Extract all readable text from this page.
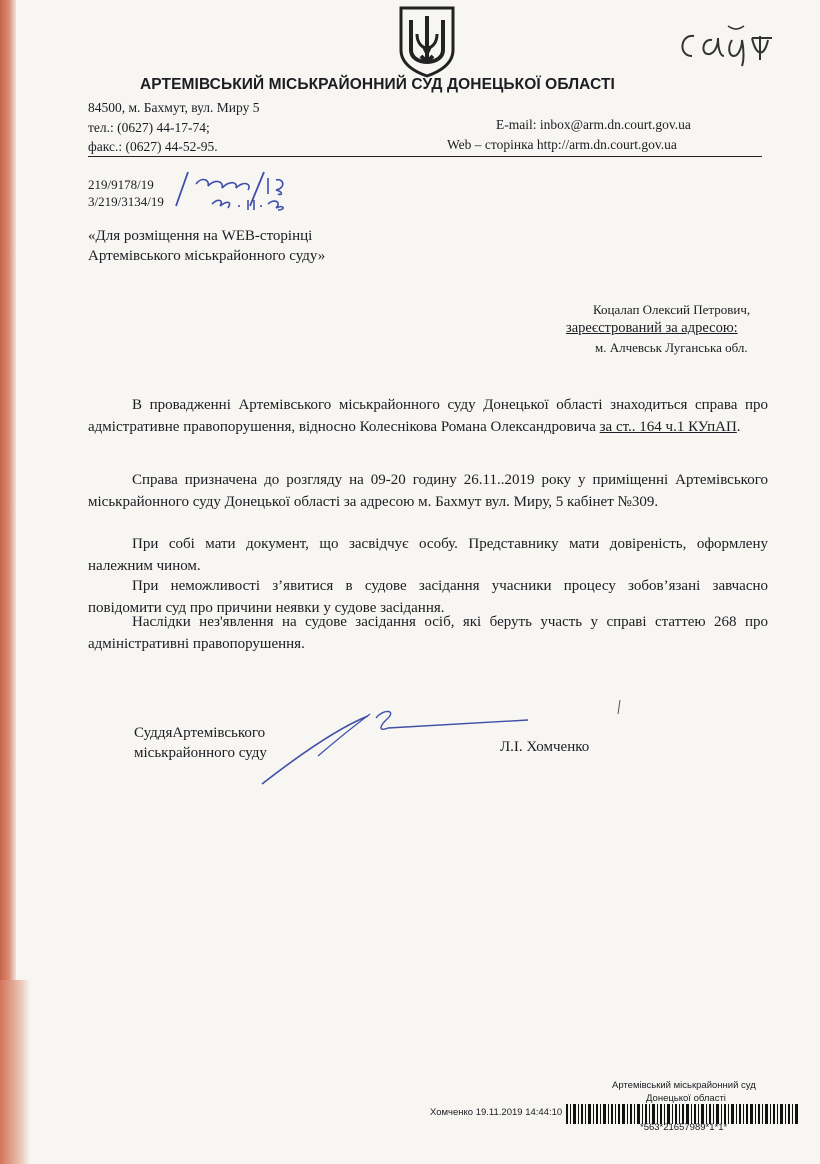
АРТЕМІВСЬКИЙ МІСЬКРАЙОННИЙ СУД ДОНЕЦЬКОЇ ОБЛАСТІ
84500, м. Бахмут, вул. Миру 5
тел.: (0627) 44-17-74;	E-mail: inbox@arm.dn.court.gov.ua
факс.: (0627) 44-52-95.	Web – сторінка http://arm.dn.court.gov.ua
219/9178/19
3/219/3134/19
«Для розміщення на WEB-сторінці
Артемівського міськрайонного суду»
Коцалап Олексий Петрович,
зареєстрований за адресою:
м. Алчевськ Луганська обл.
В провадженні Артемівського міськрайонного суду Донецької області знаходиться справа про адмістративне правопорушення, відносно Колеснікова Романа Олександровича за ст.. 164 ч.1 КУпАП.
Справа призначена до розгляду на 09-20 годину 26.11..2019 року у приміщенні Артемівського міськрайонного суду Донецької області за адресою м. Бахмут вул. Миру, 5 кабінет №309.
При собі мати документ, що засвідчує особу. Представнику мати довіреність, оформлену належним чином.
При неможливості з’явитися в судове засідання учасники процесу зобов’язані завчасно повідомити суд про причини неявки у судове засідання.
Наслідки нез'явлення на судове засідання осіб, які беруть участь у справі статтею 268 про адміністративні правопорушення.
СуддяАртемівського
міськрайонного суду	Л.І. Хомченко
Артемівський міськрайонний суд
Донецької області
Хомченко 19.11.2019 14:44:10
*563*21657989*1*1*
